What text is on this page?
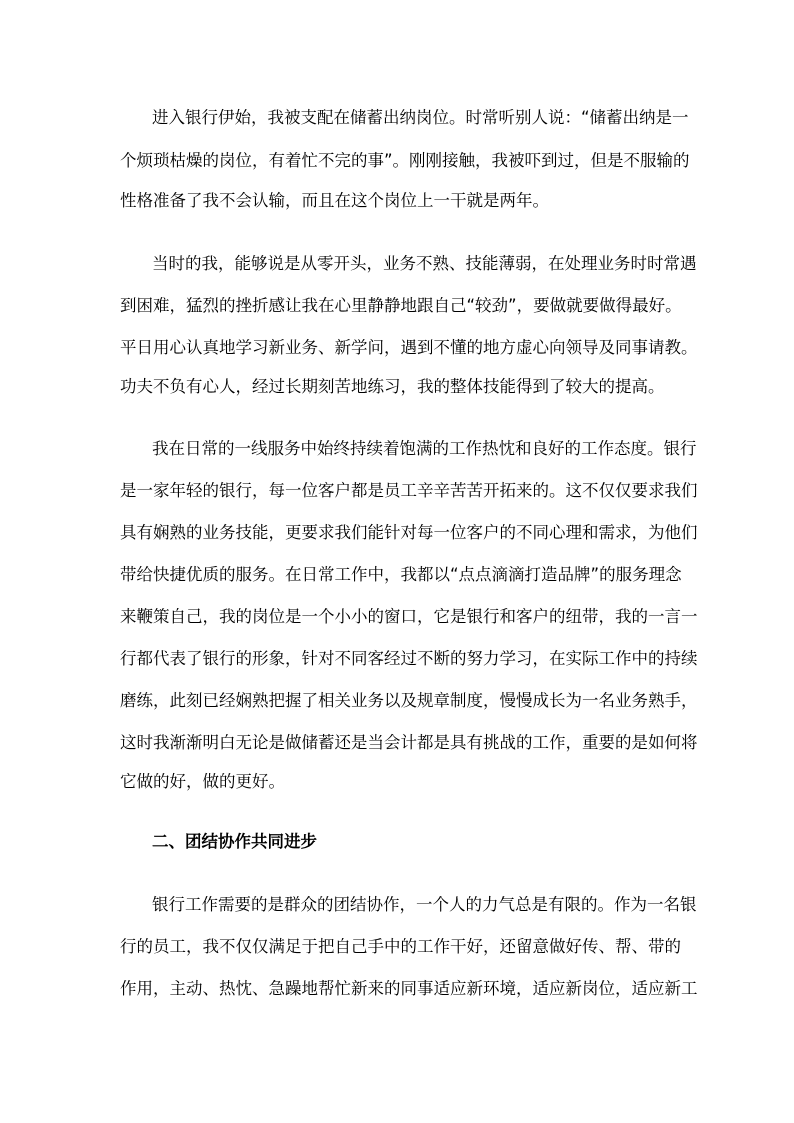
进入银行伊始，我被支配在储蓄出纳岗位。时常听别人说：“储蓄出纳是一
个烦琐枯燥的岗位，有着忙不完的事”。刚刚接触，我被吓到过，但是不服输的
性格准备了我不会认输，而且在这个岗位上一干就是两年。
当时的我，能够说是从零开头，业务不熟、技能薄弱，在处理业务时时常遇
到困难，猛烈的挫折感让我在心里静静地跟自己“较劲”，要做就要做得最好。
平日用心认真地学习新业务、新学问，遇到不懂的地方虚心向领导及同事请教。
功夫不负有心人，经过长期刻苦地练习，我的整体技能得到了较大的提高。
我在日常的一线服务中始终持续着饱满的工作热忱和良好的工作态度。银行
是一家年轻的银行，每一位客户都是员工辛辛苦苦开拓来的。这不仅仅要求我们
具有娴熟的业务技能，更要求我们能针对每一位客户的不同心理和需求，为他们
带给快捷优质的服务。在日常工作中，我都以“点点滴滴打造品牌”的服务理念
来鞭策自己，我的岗位是一个小小的窗口，它是银行和客户的纽带，我的一言一
行都代表了银行的形象，针对不同客经过不断的努力学习，在实际工作中的持续
磨练，此刻已经娴熟把握了相关业务以及规章制度，慢慢成长为一名业务熟手，
这时我渐渐明白无论是做储蓄还是当会计都是具有挑战的工作，重要的是如何将
它做的好，做的更好。
二、团结协作共同进步
银行工作需要的是群众的团结协作，一个人的力气总是有限的。作为一名银
行的员工，我不仅仅满足于把自己手中的工作干好，还留意做好传、帮、带的
作用，主动、热忱、急躁地帮忙新来的同事适应新环境，适应新岗位，适应新工
